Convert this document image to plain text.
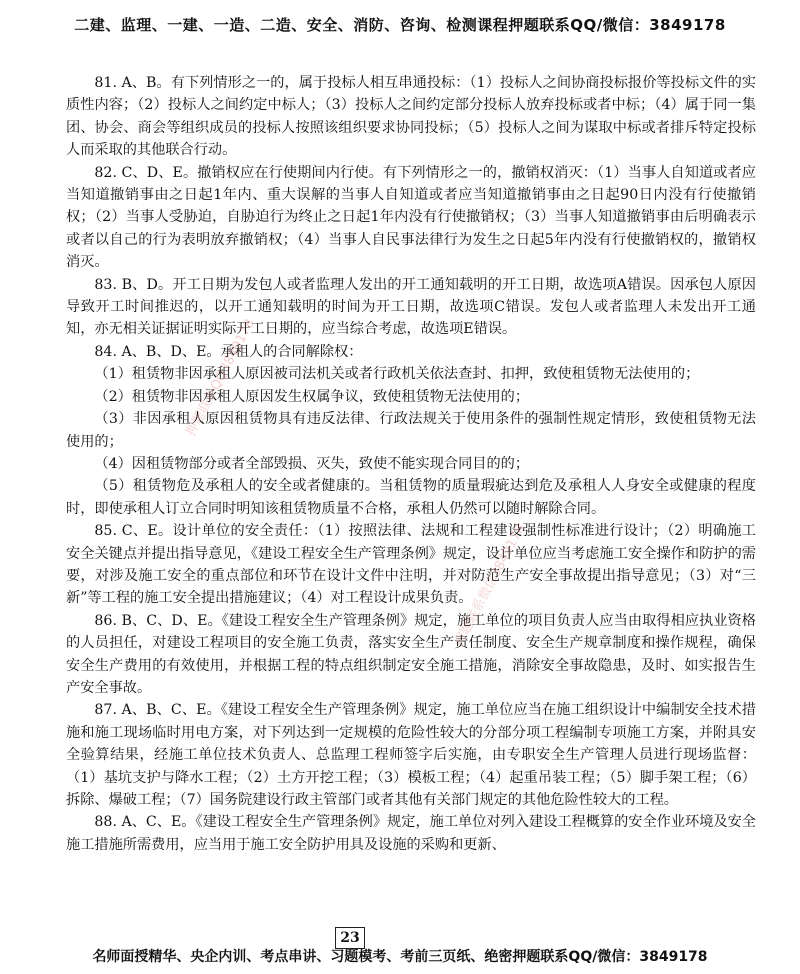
二建、监理、一建、一造、二造、安全、消防、咨询、检测课程押题联系QQ/微信：3849178

81. A、B。有下列情形之一的，属于投标人相互串通投标：（1）投标人之间协商投标报价等投标文件的实质性内容；（2）投标人之间约定中标人；（3）投标人之间约定部分投标人放弃投标或者中标；（4）属于同一集团、协会、商会等组织成员的投标人按照该组织要求协同投标；（5）投标人之间为谋取中标或者排斥特定投标人而采取的其他联合行动。

82. C、D、E。撤销权应在行使期间内行使。有下列情形之一的，撤销权消灭：（1）当事人自知道或者应当知道撤销事由之日起1年内、重大误解的当事人自知道或者应当知道撤销事由之日起90日内没有行使撤销权；（2）当事人受胁迫，自胁迫行为终止之日起1年内没有行使撤销权；（3）当事人知道撤销事由后明确表示或者以自己的行为表明放弃撤销权；（4）当事人自民事法律行为发生之日起5年内没有行使撤销权的，撤销权消灭。

83. B、D。开工日期为发包人或者监理人发出的开工通知载明的开工日期，故选项A错误。因承包人原因导致开工时间推迟的，以开工通知载明的时间为开工日期，故选项C错误。发包人或者监理人未发出开工通知，亦无相关证据证明实际开工日期的，应当综合考虑，故选项E错误。

84. A、B、D、E。承租人的合同解除权：

（1）租赁物非因承租人原因被司法机关或者行政机关依法查封、扣押，致使租赁物无法使用的；

（2）租赁物非因承租人原因发生权属争议，致使租赁物无法使用的；

（3）非因承租人原因租赁物具有违反法律、行政法规关于使用条件的强制性规定情形，致使租赁物无法使用的；

（4）因租赁物部分或者全部毁损、灭失，致使不能实现合同目的的；

（5）租赁物危及承租人的安全或者健康的。当租赁物的质量瑕疵达到危及承租人人身安全或健康的程度时，即使承租人订立合同时明知该租赁物质量不合格，承租人仍然可以随时解除合同。

85. C、E。设计单位的安全责任：（1）按照法律、法规和工程建设强制性标准进行设计；（2）明确施工安全关键点并提出指导意见，《建设工程安全生产管理条例》规定，设计单位应当考虑施工安全操作和防护的需要，对涉及施工安全的重点部位和环节在设计文件中注明，并对防范生产安全事故提出指导意见；（3）对“三新”等工程的施工安全提出措施建议；（4）对工程设计成果负责。

86. B、C、D、E。《建设工程安全生产管理条例》规定，施工单位的项目负责人应当由取得相应执业资格的人员担任，对建设工程项目的安全施工负责，落实安全生产责任制度、安全生产规章制度和操作规程，确保安全生产费用的有效使用，并根据工程的特点组织制定安全施工措施，消除安全事故隐患，及时、如实报告生产安全事故。

87. A、B、C、E。《建设工程安全生产管理条例》规定，施工单位应当在施工组织设计中编制安全技术措施和施工现场临时用电方案，对下列达到一定规模的危险性较大的分部分项工程编制专项施工方案，并附具安全验算结果，经施工单位技术负责人、总监理工程师签字后实施，由专职安全生产管理人员进行现场监督：（1）基坑支护与降水工程；（2）土方开挖工程；（3）模板工程；（4）起重吊装工程；（5）脚手架工程；（6）拆除、爆破工程；（7）国务院建设行政主管部门或者其他有关部门规定的其他危险性较大的工程。

88. A、C、E。《建设工程安全生产管理条例》规定，施工单位对列入建设工程概算的安全作业环境及安全施工措施所需费用，应当用于施工安全防护用具及设施的采购和更新、

押题联系QQ3849178
押题联系微信3849178
23
名师面授精华、央企内训、考点串讲、习题模考、考前三页纸、绝密押题联系QQ/微信：3849178
